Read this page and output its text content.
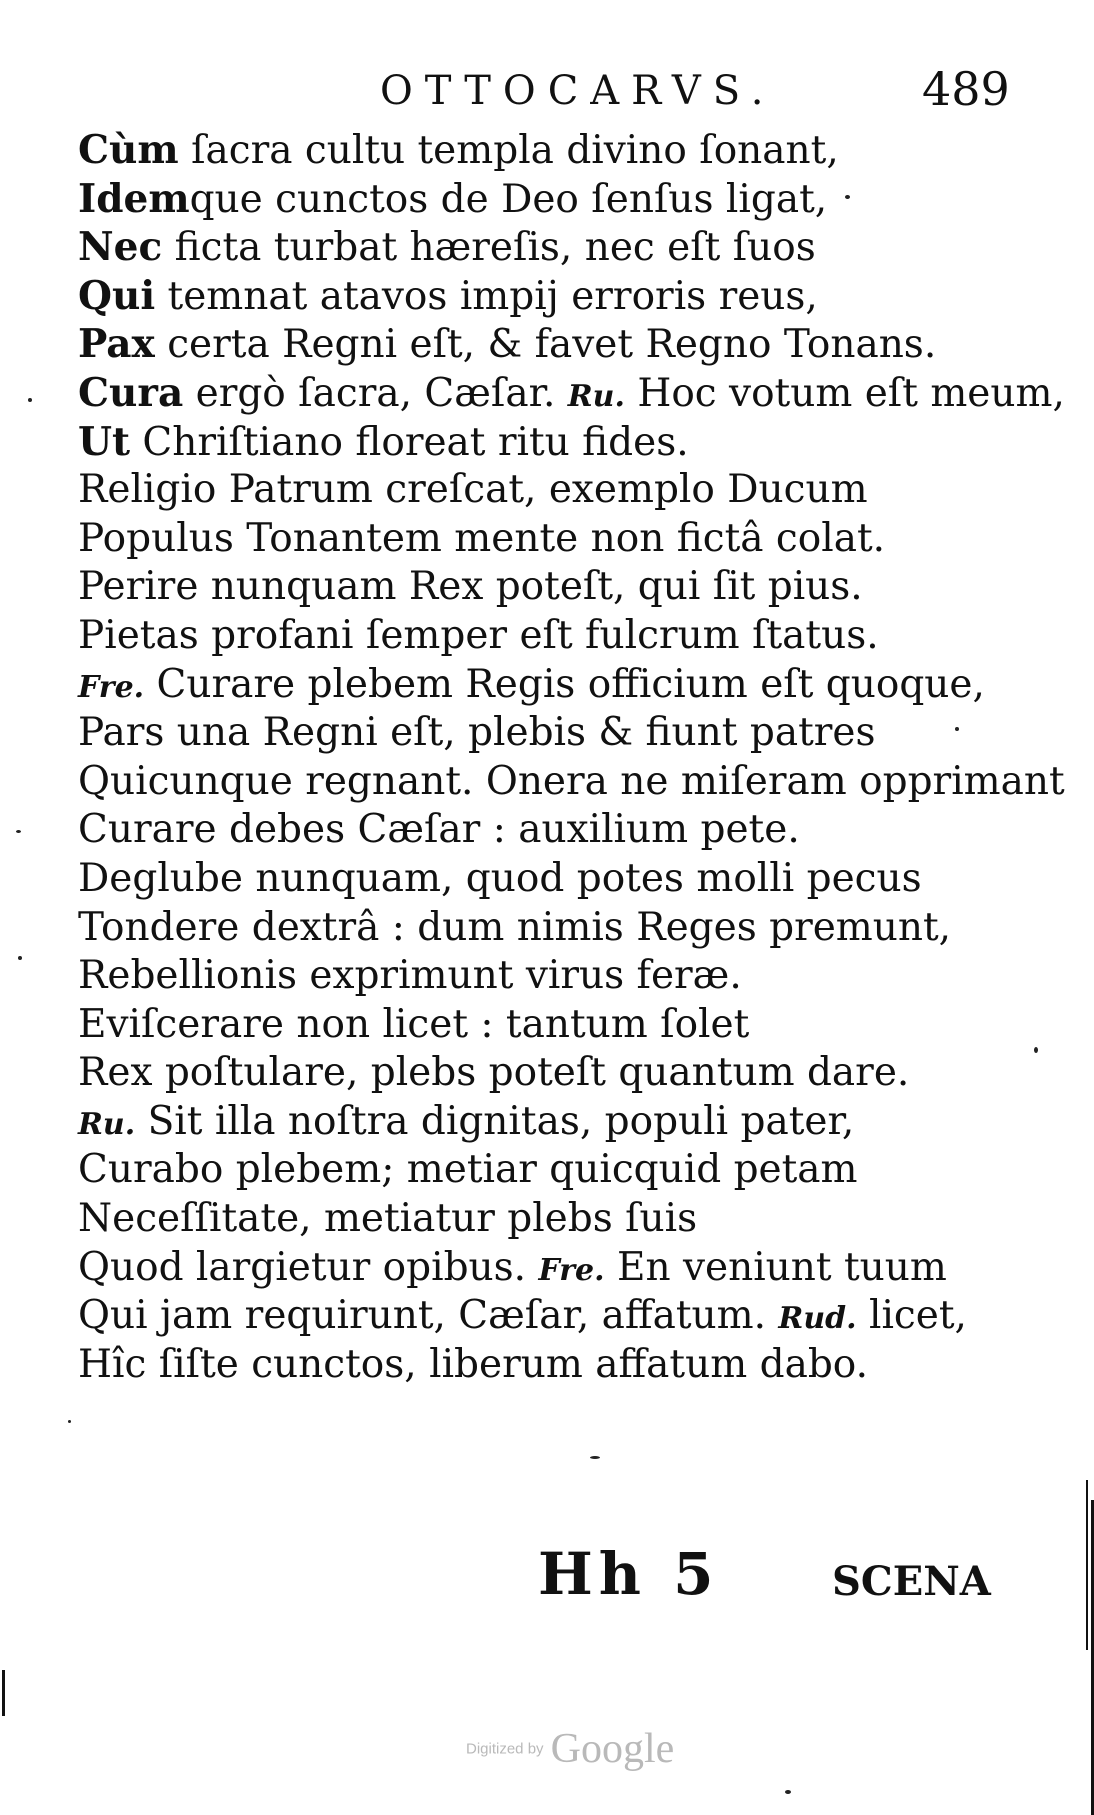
OTTOCARVS.	489
Cùm ſacra cultu templa divino ſonant,
Idemque cunctos de Deo ſenſus ligat,
Nec ficta turbat hæreſis, nec eſt ſuos
Qui temnat atavos impij erroris reus,
Pax certa Regni eſt, & favet Regno Tonans.
Cura ergò ſacra, Cæſar. Ru. Hoc votum eſt meum,
Ut Chriſtiano floreat ritu fides.
Religio Patrum creſcat, exemplo Ducum
Populus Tonantem mente non fictâ colat.
Perire nunquam Rex poteſt, qui ſit pius.
Pietas profani ſemper eſt fulcrum ſtatus.
Fre. Curare plebem Regis officium eſt quoque,
Pars una Regni eſt, plebis & fiunt patres
Quicunque regnant. Onera ne miſeram opprimant
Curare debes Cæſar : auxilium pete.
Deglube nunquam, quod potes molli pecus
Tondere dextrâ : dum nimis Reges premunt,
Rebellionis exprimunt virus feræ.
Eviſcerare non licet : tantum ſolet
Rex poſtulare, plebs poteſt quantum dare.
Ru. Sit illa noſtra dignitas, populi pater,
Curabo plebem; metiar quicquid petam
Neceſſitate, metiatur plebs ſuis
Quod largietur opibus. Fre. En veniunt tuum
Qui jam requirunt, Cæſar, affatum. Rud. licet,
Hîc ſiſte cunctos, liberum affatum dabo.
Hh 5	SCENA
Digitized by Google
